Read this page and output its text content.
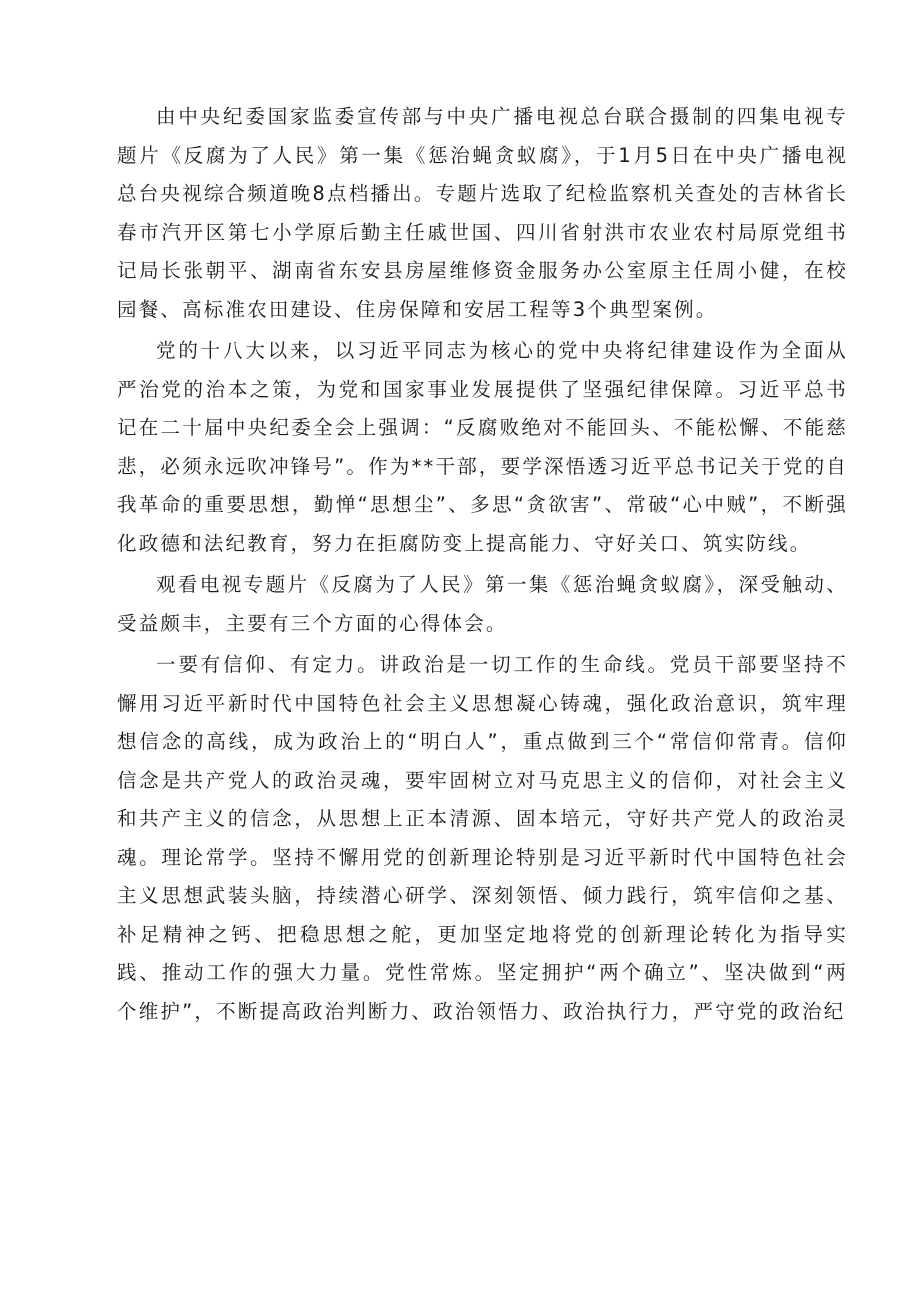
由中央纪委国家监委宣传部与中央广播电视总台联合摄制的四集电视专题片《反腐为了人民》第一集《惩治蝇贪蚁腐》，于1月5日在中央广播电视总台央视综合频道晚8点档播出。专题片选取了纪检监察机关查处的吉林省长春市汽开区第七小学原后勤主任戚世国、四川省射洪市农业农村局原党组书记局长张朝平、湖南省东安县房屋维修资金服务办公室原主任周小健，在校园餐、高标准农田建设、住房保障和安居工程等3个典型案例。

党的十八大以来，以习近平同志为核心的党中央将纪律建设作为全面从严治党的治本之策，为党和国家事业发展提供了坚强纪律保障。习近平总书记在二十届中央纪委全会上强调：“反腐败绝对不能回头、不能松懈、不能慈悲，必须永远吹冲锋号”。作为**干部，要学深悟透习近平总书记关于党的自我革命的重要思想，勤惮“思想尘”、多思“贪欲害”、常破“心中贼”，不断强化政德和法纪教育，努力在拒腐防变上提高能力、守好关口、筑实防线。

观看电视专题片《反腐为了人民》第一集《惩治蝇贪蚁腐》，深受触动、受益颇丰，主要有三个方面的心得体会。

一要有信仰、有定力。讲政治是一切工作的生命线。党员干部要坚持不懈用习近平新时代中国特色社会主义思想凝心铸魂，强化政治意识，筑牢理想信念的高线，成为政治上的“明白人”，重点做到三个“常信仰常青。信仰信念是共产党人的政治灵魂，要牢固树立对马克思主义的信仰，对社会主义和共产主义的信念，从思想上正本清源、固本培元，守好共产党人的政治灵魂。理论常学。坚持不懈用党的创新理论特别是习近平新时代中国特色社会主义思想武装头脑，持续潜心研学、深刻领悟、倾力践行，筑牢信仰之基、补足精神之钙、把稳思想之舵，更加坚定地将党的创新理论转化为指导实践、推动工作的强大力量。党性常炼。坚定拥护“两个确立”、坚决做到“两个维护”，不断提高政治判断力、政治领悟力、政治执行力，严守党的政治纪
